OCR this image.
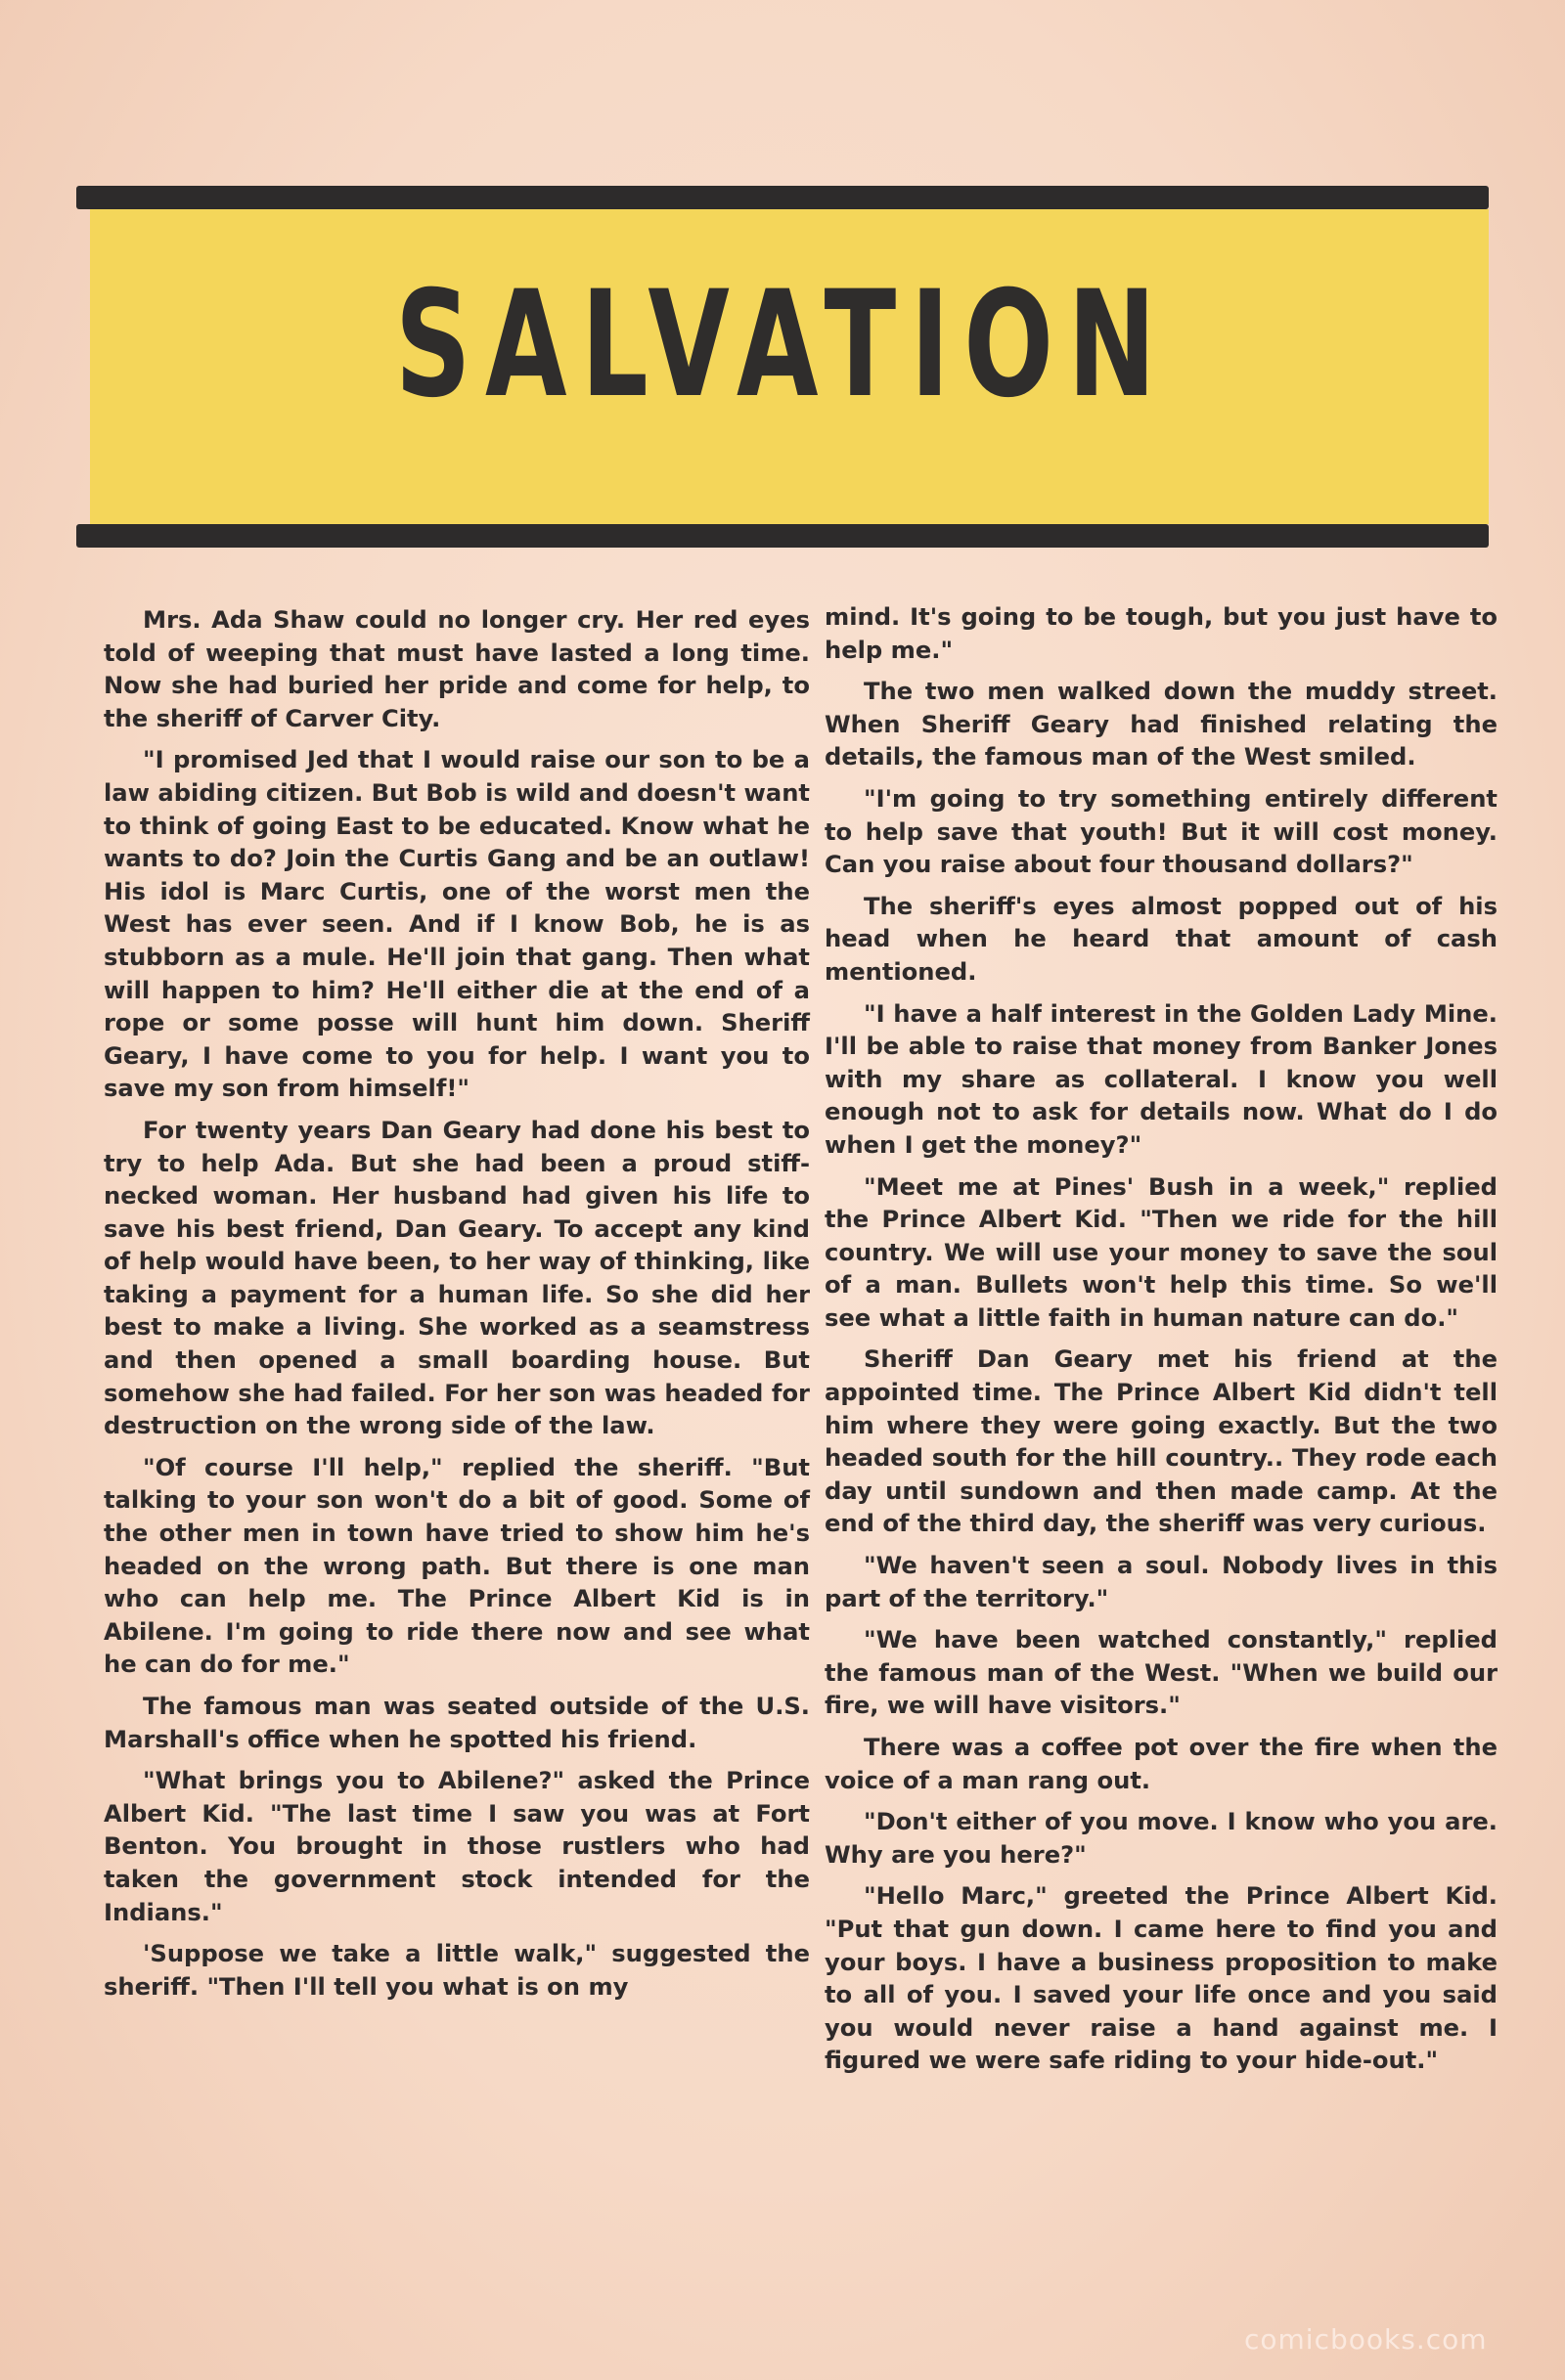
SALVATION

Mrs. Ada Shaw could no longer cry. Her red eyes told of weeping that must have lasted a long time. Now she had buried her pride and come for help, to the sheriff of Carver City.

"I promised Jed that I would raise our son to be a law abiding citizen. But Bob is wild and doesn't want to think of going East to be educated. Know what he wants to do? Join the Curtis Gang and be an outlaw! His idol is Marc Curtis, one of the worst men the West has ever seen. And if I know Bob, he is as stubborn as a mule. He'll join that gang. Then what will happen to him? He'll either die at the end of a rope or some posse will hunt him down. Sheriff Geary, I have come to you for help. I want you to save my son from himself!"

For twenty years Dan Geary had done his best to try to help Ada. But she had been a proud stiff-necked woman. Her husband had given his life to save his best friend, Dan Geary. To accept any kind of help would have been, to her way of thinking, like taking a payment for a human life. So she did her best to make a living. She worked as a seamstress and then opened a small boarding house. But somehow she had failed. For her son was headed for destruction on the wrong side of the law.

"Of course I'll help," replied the sheriff. "But talking to your son won't do a bit of good. Some of the other men in town have tried to show him he's headed on the wrong path. But there is one man who can help me. The Prince Albert Kid is in Abilene. I'm going to ride there now and see what he can do for me."

The famous man was seated outside of the U.S. Marshall's office when he spotted his friend.

"What brings you to Abilene?" asked the Prince Albert Kid. "The last time I saw you was at Fort Benton. You brought in those rustlers who had taken the government stock intended for the Indians."

'Suppose we take a little walk," suggested the sheriff. "Then I'll tell you what is on my

mind. It's going to be tough, but you just have to help me."

The two men walked down the muddy street. When Sheriff Geary had finished relating the details, the famous man of the West smiled.

"I'm going to try something entirely different to help save that youth! But it will cost money. Can you raise about four thousand dollars?"

The sheriff's eyes almost popped out of his head when he heard that amount of cash mentioned.

"I have a half interest in the Golden Lady Mine. I'll be able to raise that money from Banker Jones with my share as collateral. I know you well enough not to ask for details now. What do I do when I get the money?"

"Meet me at Pines' Bush in a week," replied the Prince Albert Kid. "Then we ride for the hill country. We will use your money to save the soul of a man. Bullets won't help this time. So we'll see what a little faith in human nature can do."

Sheriff Dan Geary met his friend at the appointed time. The Prince Albert Kid didn't tell him where they were going exactly. But the two headed south for the hill country.. They rode each day until sundown and then made camp. At the end of the third day, the sheriff was very curious.

"We haven't seen a soul. Nobody lives in this part of the territory."

"We have been watched constantly," replied the famous man of the West. "When we build our fire, we will have visitors."

There was a coffee pot over the fire when the voice of a man rang out.

"Don't either of you move. I know who you are. Why are you here?"

"Hello Marc," greeted the Prince Albert Kid. "Put that gun down. I came here to find you and your boys. I have a business proposition to make to all of you. I saved your life once and you said you would never raise a hand against me. I figured we were safe riding to your hide-out."

comicbooks.com
